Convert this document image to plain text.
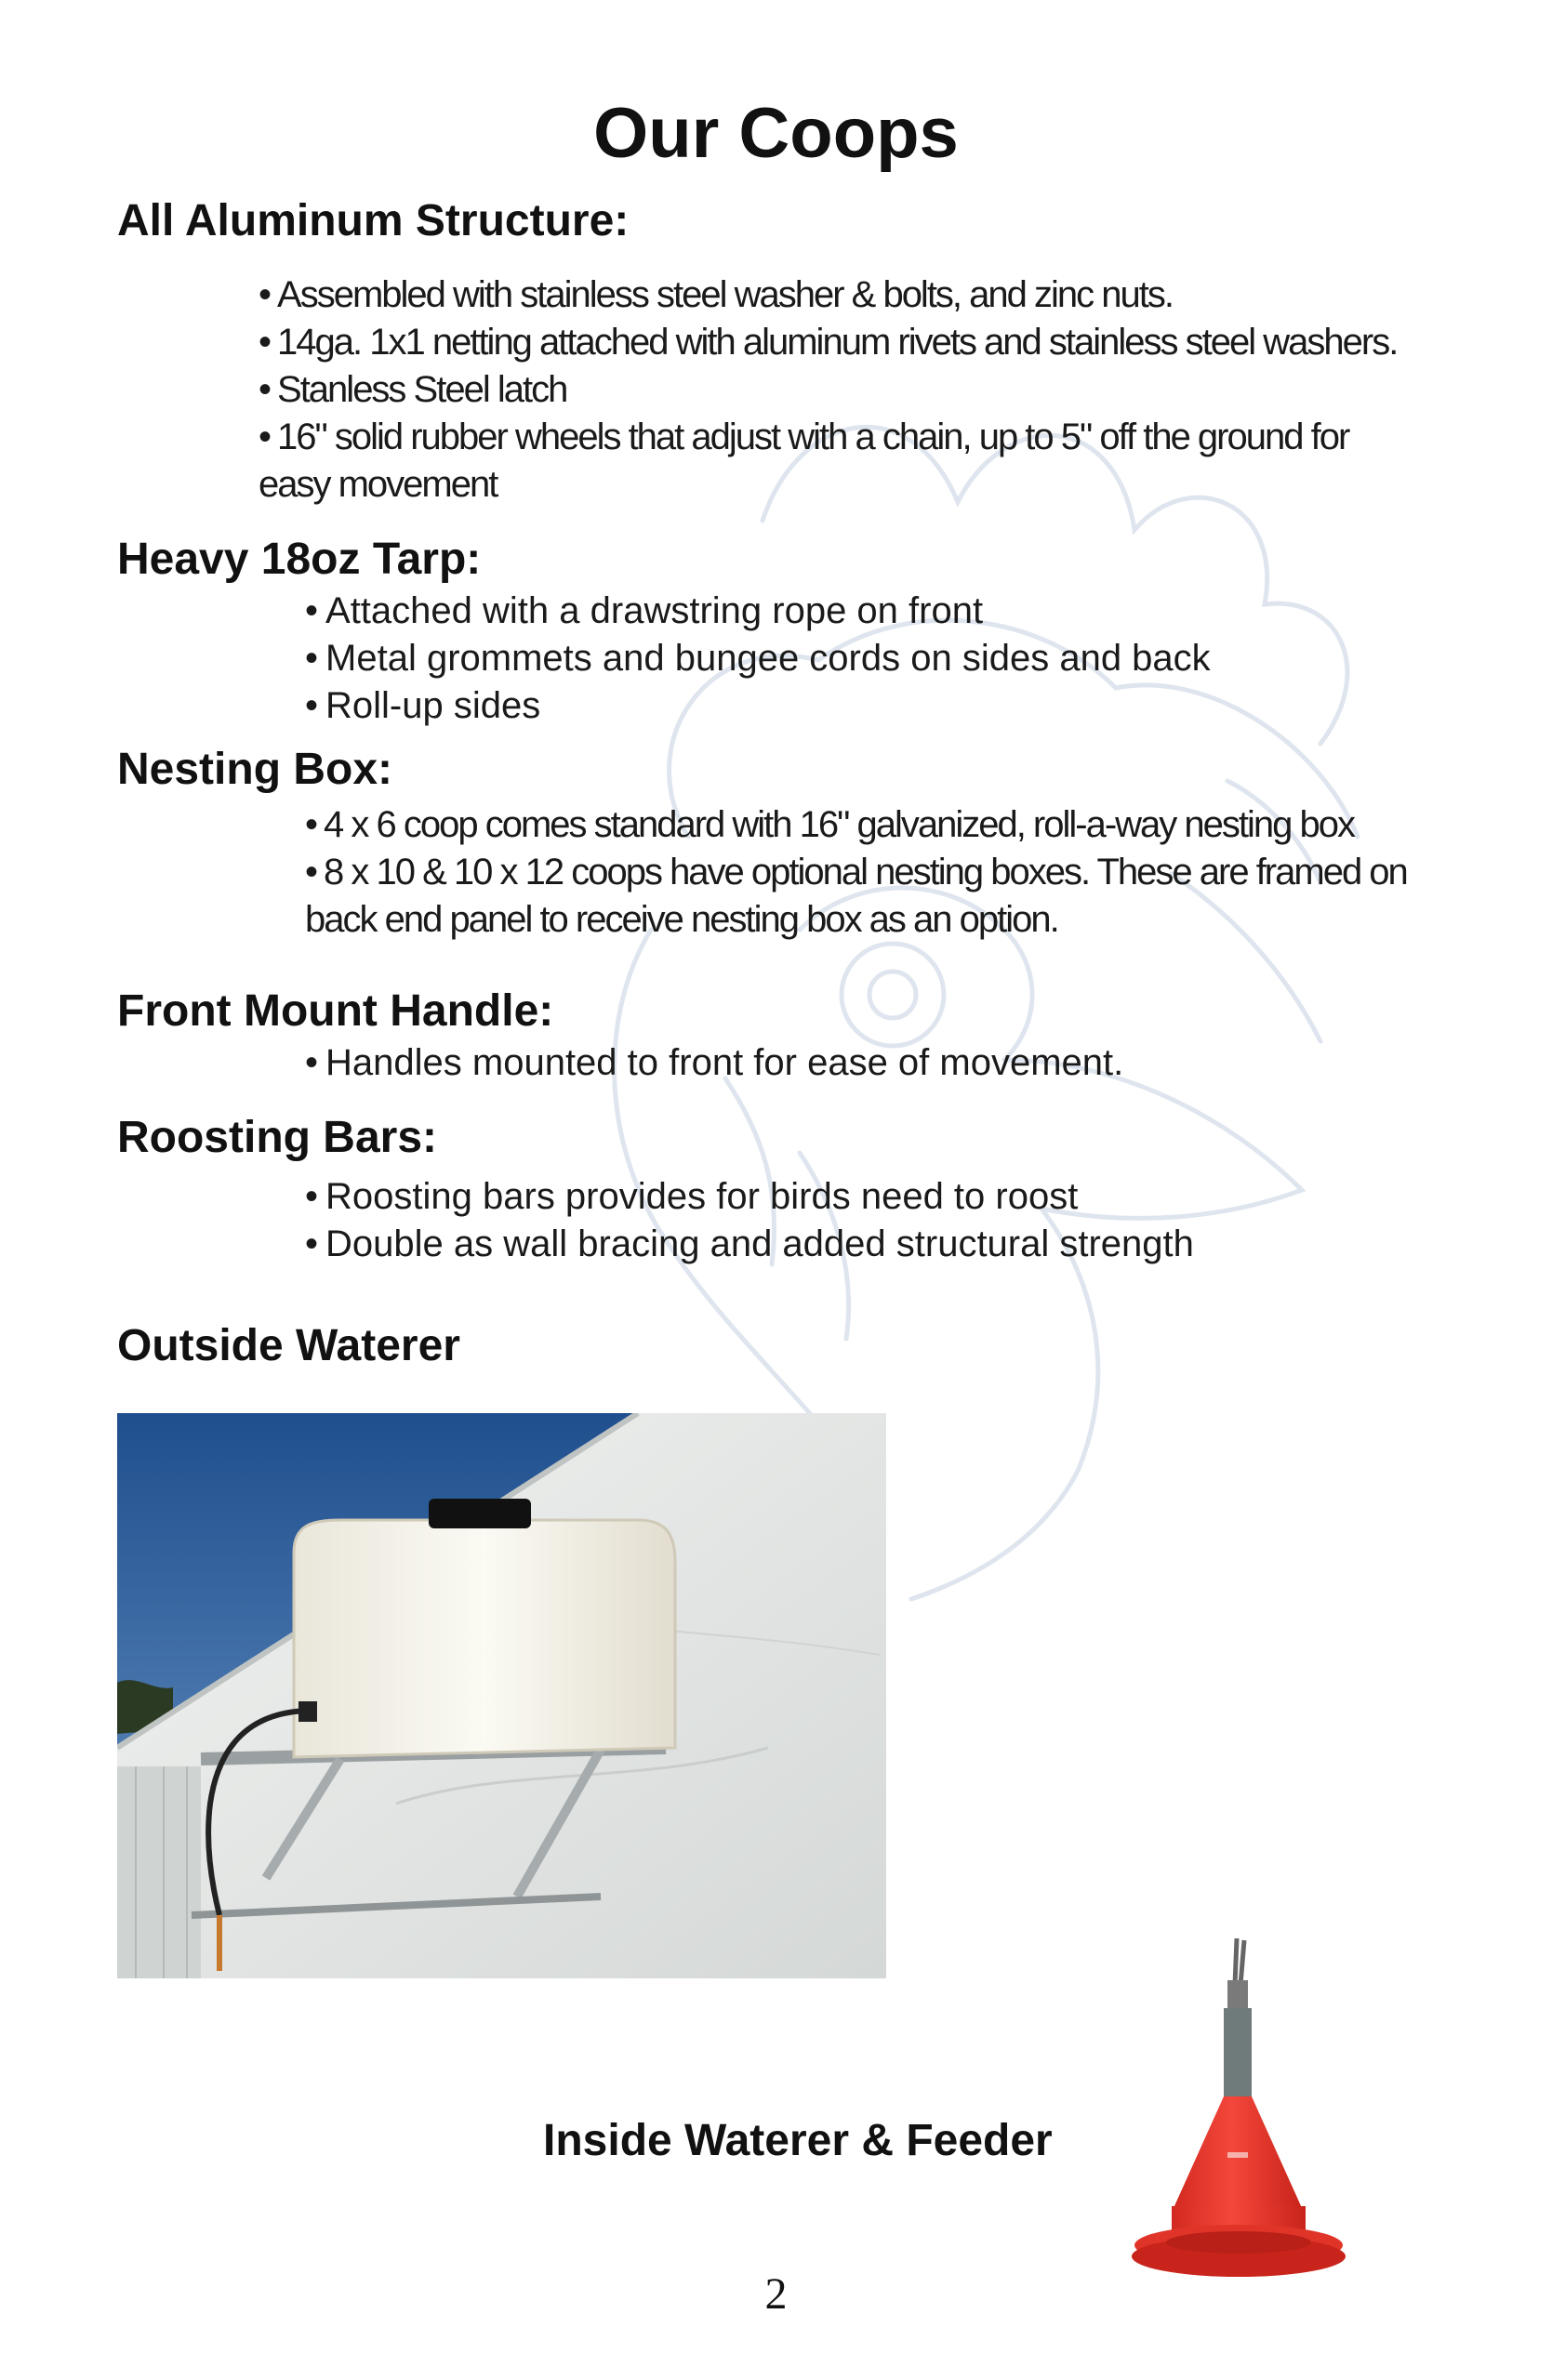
Our Coops
All Aluminum Structure:
• Assembled with stainless steel washer & bolts, and zinc nuts.
• 14ga. 1x1 netting attached with aluminum rivets and stainless steel washers.
• Stanless Steel latch
• 16" solid rubber wheels that adjust with a chain, up to 5" off the ground for easy movement
Heavy 18oz Tarp:
• Attached with a drawstring rope on front
• Metal grommets and bungee cords on sides and back
• Roll-up sides
Nesting Box:
• 4 x 6 coop comes standard with 16" galvanized, roll-a-way nesting box
• 8 x 10 & 10 x 12 coops have optional nesting boxes. These are framed on back end panel to receive nesting box as an option.
Front Mount Handle:
• Handles mounted to front for ease of movement.
Roosting Bars:
• Roosting bars provides for birds need to roost
• Double as wall bracing and added structural strength
Outside Waterer
Inside Waterer & Feeder
2
